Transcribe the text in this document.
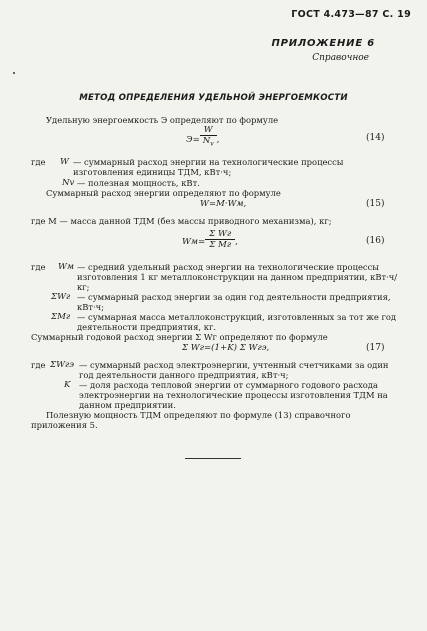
ГОСТ 4.473—87 С. 19
ПРИЛОЖЕНИЕ 6
Справочное
МЕТОД ОПРЕДЕЛЕНИЯ УДЕЛЬНОЙ ЭНЕРГОЕМКОСТИ
Удельную энергоемкость Э определяют по формуле
$Э= \frac{W}{N_v}$ ,	(14)
где W — суммарный расход энергии на технологические процессы изготовления единицы ТДМ, кВт·ч;
Nv — полезная мощность, кВт.
Суммарный расход энергии определяют по формуле
W=M·Wм,	(15)
где M — масса данной ТДМ (без массы приводного механизма), кг;
$Wм= \frac{\text{Σ Wг}}{\text{Σ Mг}}$ ,	(16)
где Wм — средний удельный расход энергии на технологические процессы изготовления 1 кг металлоконструкции на данном предприятии, кВт·ч/кг;
ΣWг — суммарный расход энергии за один год деятельности предприятия, кВт·ч;
ΣMг — суммарная масса металлоконструкций, изготовленных за тот же год деятельности предприятия, кг.
Суммарный годовой расход энергии Σ Wг определяют по формуле
Σ Wг=(1+K) Σ Wгэ,	(17)
где ΣWгэ — суммарный расход электроэнергии, учтенный счетчиками за один год деятельности данного предприятия, кВт·ч;
K — доля расхода тепловой энергии от суммарного годового расхода электроэнергии на технологические процессы изготовления ТДМ на данном предприятии.
Полезную мощность ТДМ определяют по формуле (13) справочного приложения 5.
